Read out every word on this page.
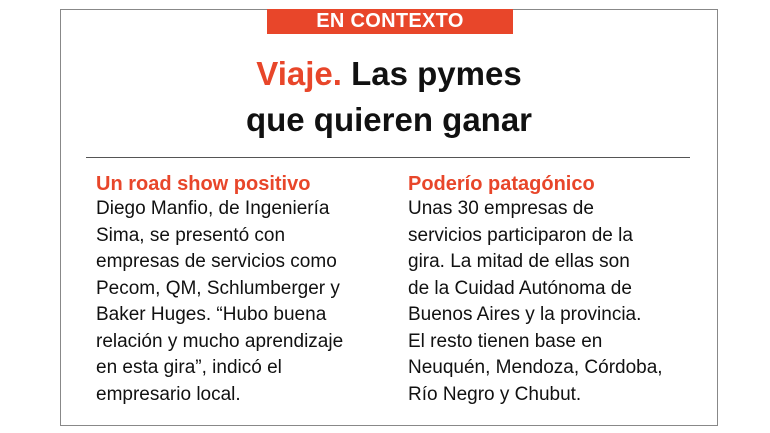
EN CONTEXTO
Viaje. Las pymes
que quieren ganar
Un road show positivo
Diego Manfio, de Ingeniería
Sima, se presentó con
empresas de servicios como
Pecom, QM, Schlumberger y
Baker Huges. “Hubo buena
relación y mucho aprendizaje
en esta gira”, indicó el
empresario local.
Poderío patagónico
Unas 30 empresas de
servicios participaron de la
gira. La mitad de ellas son
de la Cuidad Autónoma de
Buenos Aires y la provincia.
El resto tienen base en
Neuquén, Mendoza, Córdoba,
Río Negro y Chubut.
